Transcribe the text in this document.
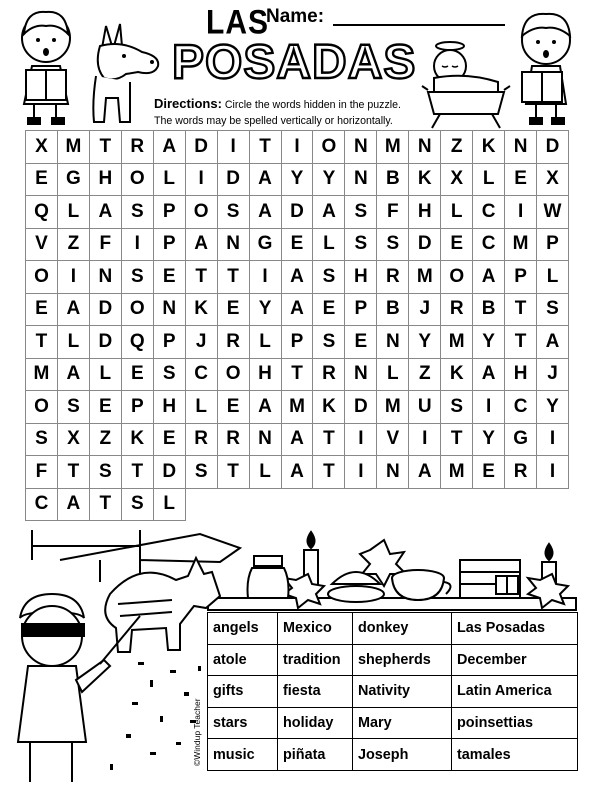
LAS
POSADAS
Name:
Directions: Circle the words hidden in the puzzle.
The words may be spelled vertically or horizontally.
X M T	R A D	I	T	I	O N M N	Z	K N D
E G H O L	I	D A Y	Y N B K X	L	E	X
Q L	A S	P O S A D A S	F	H	L	C	I	W
V	Z	F	I	P A N G E	L	S	S D E C M P
O	I	N S	E	T	T	I	A S H R M O A P	L
E A D O N K E	Y A E	P B	J	R B	T	S
T	L	D Q P	J	R	L	P	S	E N Y M Y	T	A
M A	L	E	S C O H	T	R N	L	Z	K A H	J
O S	E	P H	L	E A M K D M U S	I	C Y
S	X	Z	K E R R N A	T	I	V	I	T	Y G	I
F	T	S	T	D S	T	L	A	T	I	N A M E R	I
C A	T	S	L
angels	Mexico	donkey	Las Posadas
atole	tradition	shepherds	December
gifts	fiesta	Nativity	Latin America
stars	holiday	Mary	poinsettias
music	piñata	Joseph	tamales
©Windup Teacher
